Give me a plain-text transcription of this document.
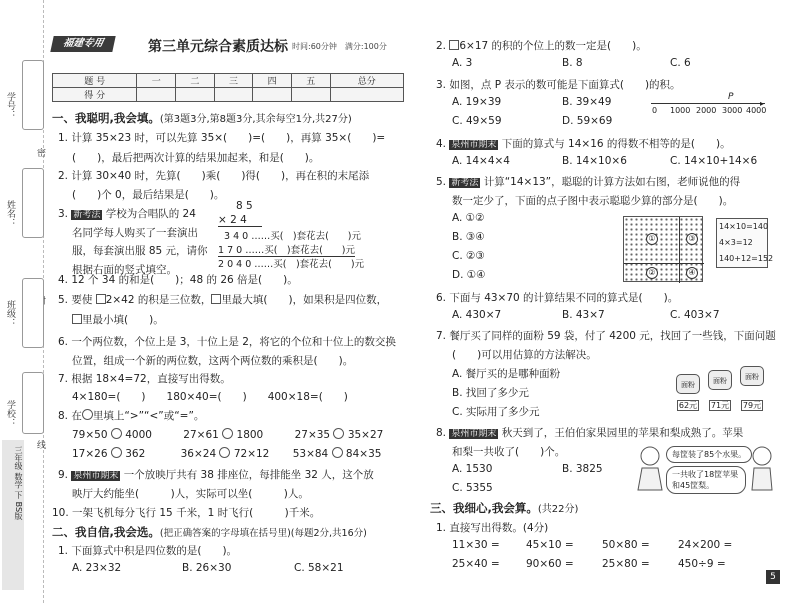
学号：
密
姓名：
班级：
学校：
线
三年级 数学 下 BS版
福建专用	第三单元综合素质达标 时间:60分钟　满分:100分
题 号	一	二	三	四	五	总分
得 分						
一、我聪明,我会填。(第3题3分,第8题3分,其余每空1分,共27分)
1. 计算 35×23 时，可以先算 35×(　　)=(　　)，再算 35×(　　)=
(　　)，最后把两次计算的结果加起来，和是(　　)。
2. 计算 30×40 时，先算(　　)乘(　　)得(　　)，再在积的末尾添
(　　)个 0，最后结果是(　　)。
3. 新考法 学校为合唱队的 24
名同学每人购买了一套演出
服，每套演出服 85 元，请你
根据右面的竖式填空。
8 5
× 2 4
3 4 0 ……买(　)套花去(　　)元
1 7 0 ……买(　)套花去(　　)元
2 0 4 0 ……买(　)套花去(　　)元
4. 12 个 34 的和是(　　)；48 的 26 倍是(　　)。
5. 要使 2×42 的积是三位数， 里最大填(　　)，如果积是四位数，
里最小填(　　)。
6. 一个两位数，个位上是 3，十位上是 2，将它的个位和十位上的数交换
位置，组成一个新的两位数，这两个两位数的乘积是(　　)。
7. 根据 18×4=72，直接写出得数。
4×180=(　　)　　180×40=(　　)　　400×18=(　　)
8. 在 里填上“>”“<”或“=”。
79×50 4000	27×61 1800	27×35 35×27
17×26 362	36×24 72×12 53×84 84×35
9. 泉州市期末 一个放映厅共有 38 排座位，每排能坐 32 人，这个放
映厅大约能坐(　　　)人，实际可以坐(　　　)人。
10. 一架飞机每分飞行 15 千米，1 时飞行(　　　)千米。
二、我自信,我会选。(把正确答案的字母填在括号里)(每题2分,共16分)
1. 下面算式中积是四位数的是(　　)。
A. 23×32	B. 26×30	C. 58×21
2. 6×17 的积的个位上的数一定是(　　)。
A. 3	B. 8	C. 6
3. 如图，点 P 表示的数可能是下面算式(　　)的积。
A. 19×39	B. 39×49
C. 49×59	D. 59×69
▸
0 1000 2000 3000 4000
P
4. 泉州市期末 下面的算式与 14×16 的得数不相等的是(　　)。
A. 14×4×4	B. 14×10×6	C. 14×10+14×6
5. 新考法 计算“14×13”，聪聪的计算方法如右图，老师说他的得
数一定少了，下面的点子图中表示聪聪少算的部分是(　　)。
A. ①②
B. ③④
C. ②③
D. ①④
①	③
②	④
14×10=140
4×3=12
140+12=152
6. 下面与 43×70 的计算结果不同的算式是(　　)。
A. 430×7	B. 43×7	C. 403×7
7. 餐厅买了同样的面粉 59 袋，付了 4200 元，找回了一些钱，下面问题
(　　)可以用估算的方法解决。
A. 餐厅买的是哪种面粉
B. 找回了多少元
C. 实际用了多少元
面粉	面粉	面粉
62元 71元 79元
8. 泉州市期末 秋天到了，王伯伯家果园里的苹果和梨成熟了。苹果
和梨一共收了(　　)个。
A. 1530	B. 3825
C. 5355
每筐装了85个水果。
一共收了18筐苹果和45筐梨。
三、我细心,我会算。(共22分)
1. 直接写出得数。(4分)
11×30 =	45×10 =	50×80 =	24×200 =
25×40 =	90×60 =	25×80 =	450÷9 =
5
